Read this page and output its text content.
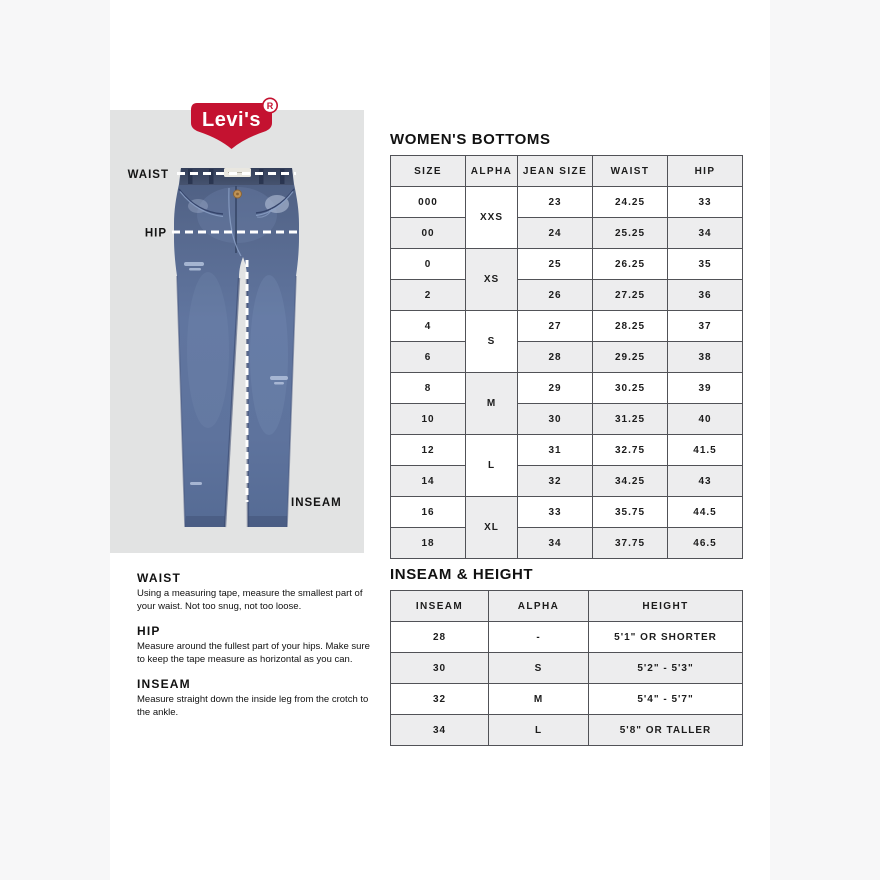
WAIST
HIP
INSEAM
Levi's
R
WOMEN'S BOTTOMS
SIZE	ALPHA	JEAN SIZE	WAIST	HIP
000	XXS	23	24.25	33
00		24	25.25	34
0	XS	25	26.25	35
2		26	27.25	36
4	S	27	28.25	37
6		28	29.25	38
8	M	29	30.25	39
10		30	31.25	40
12	L	31	32.75	41.5
14		32	34.25	43
16	XL	33	35.75	44.5
18		34	37.75	46.5
WAIST

Using a measuring tape, measure the smallest part of your waist. Not too snug, not too loose.

HIP

Measure around the fullest part of your hips. Make sure to keep the tape measure as horizontal as you can.

INSEAM

Measure straight down the inside leg from the crotch to the ankle.

INSEAM & HEIGHT
INSEAM	ALPHA	HEIGHT
28	-	5'1" OR SHORTER
30	S	5'2" - 5'3"
32	M	5'4" - 5'7"
34	L	5'8" OR TALLER
